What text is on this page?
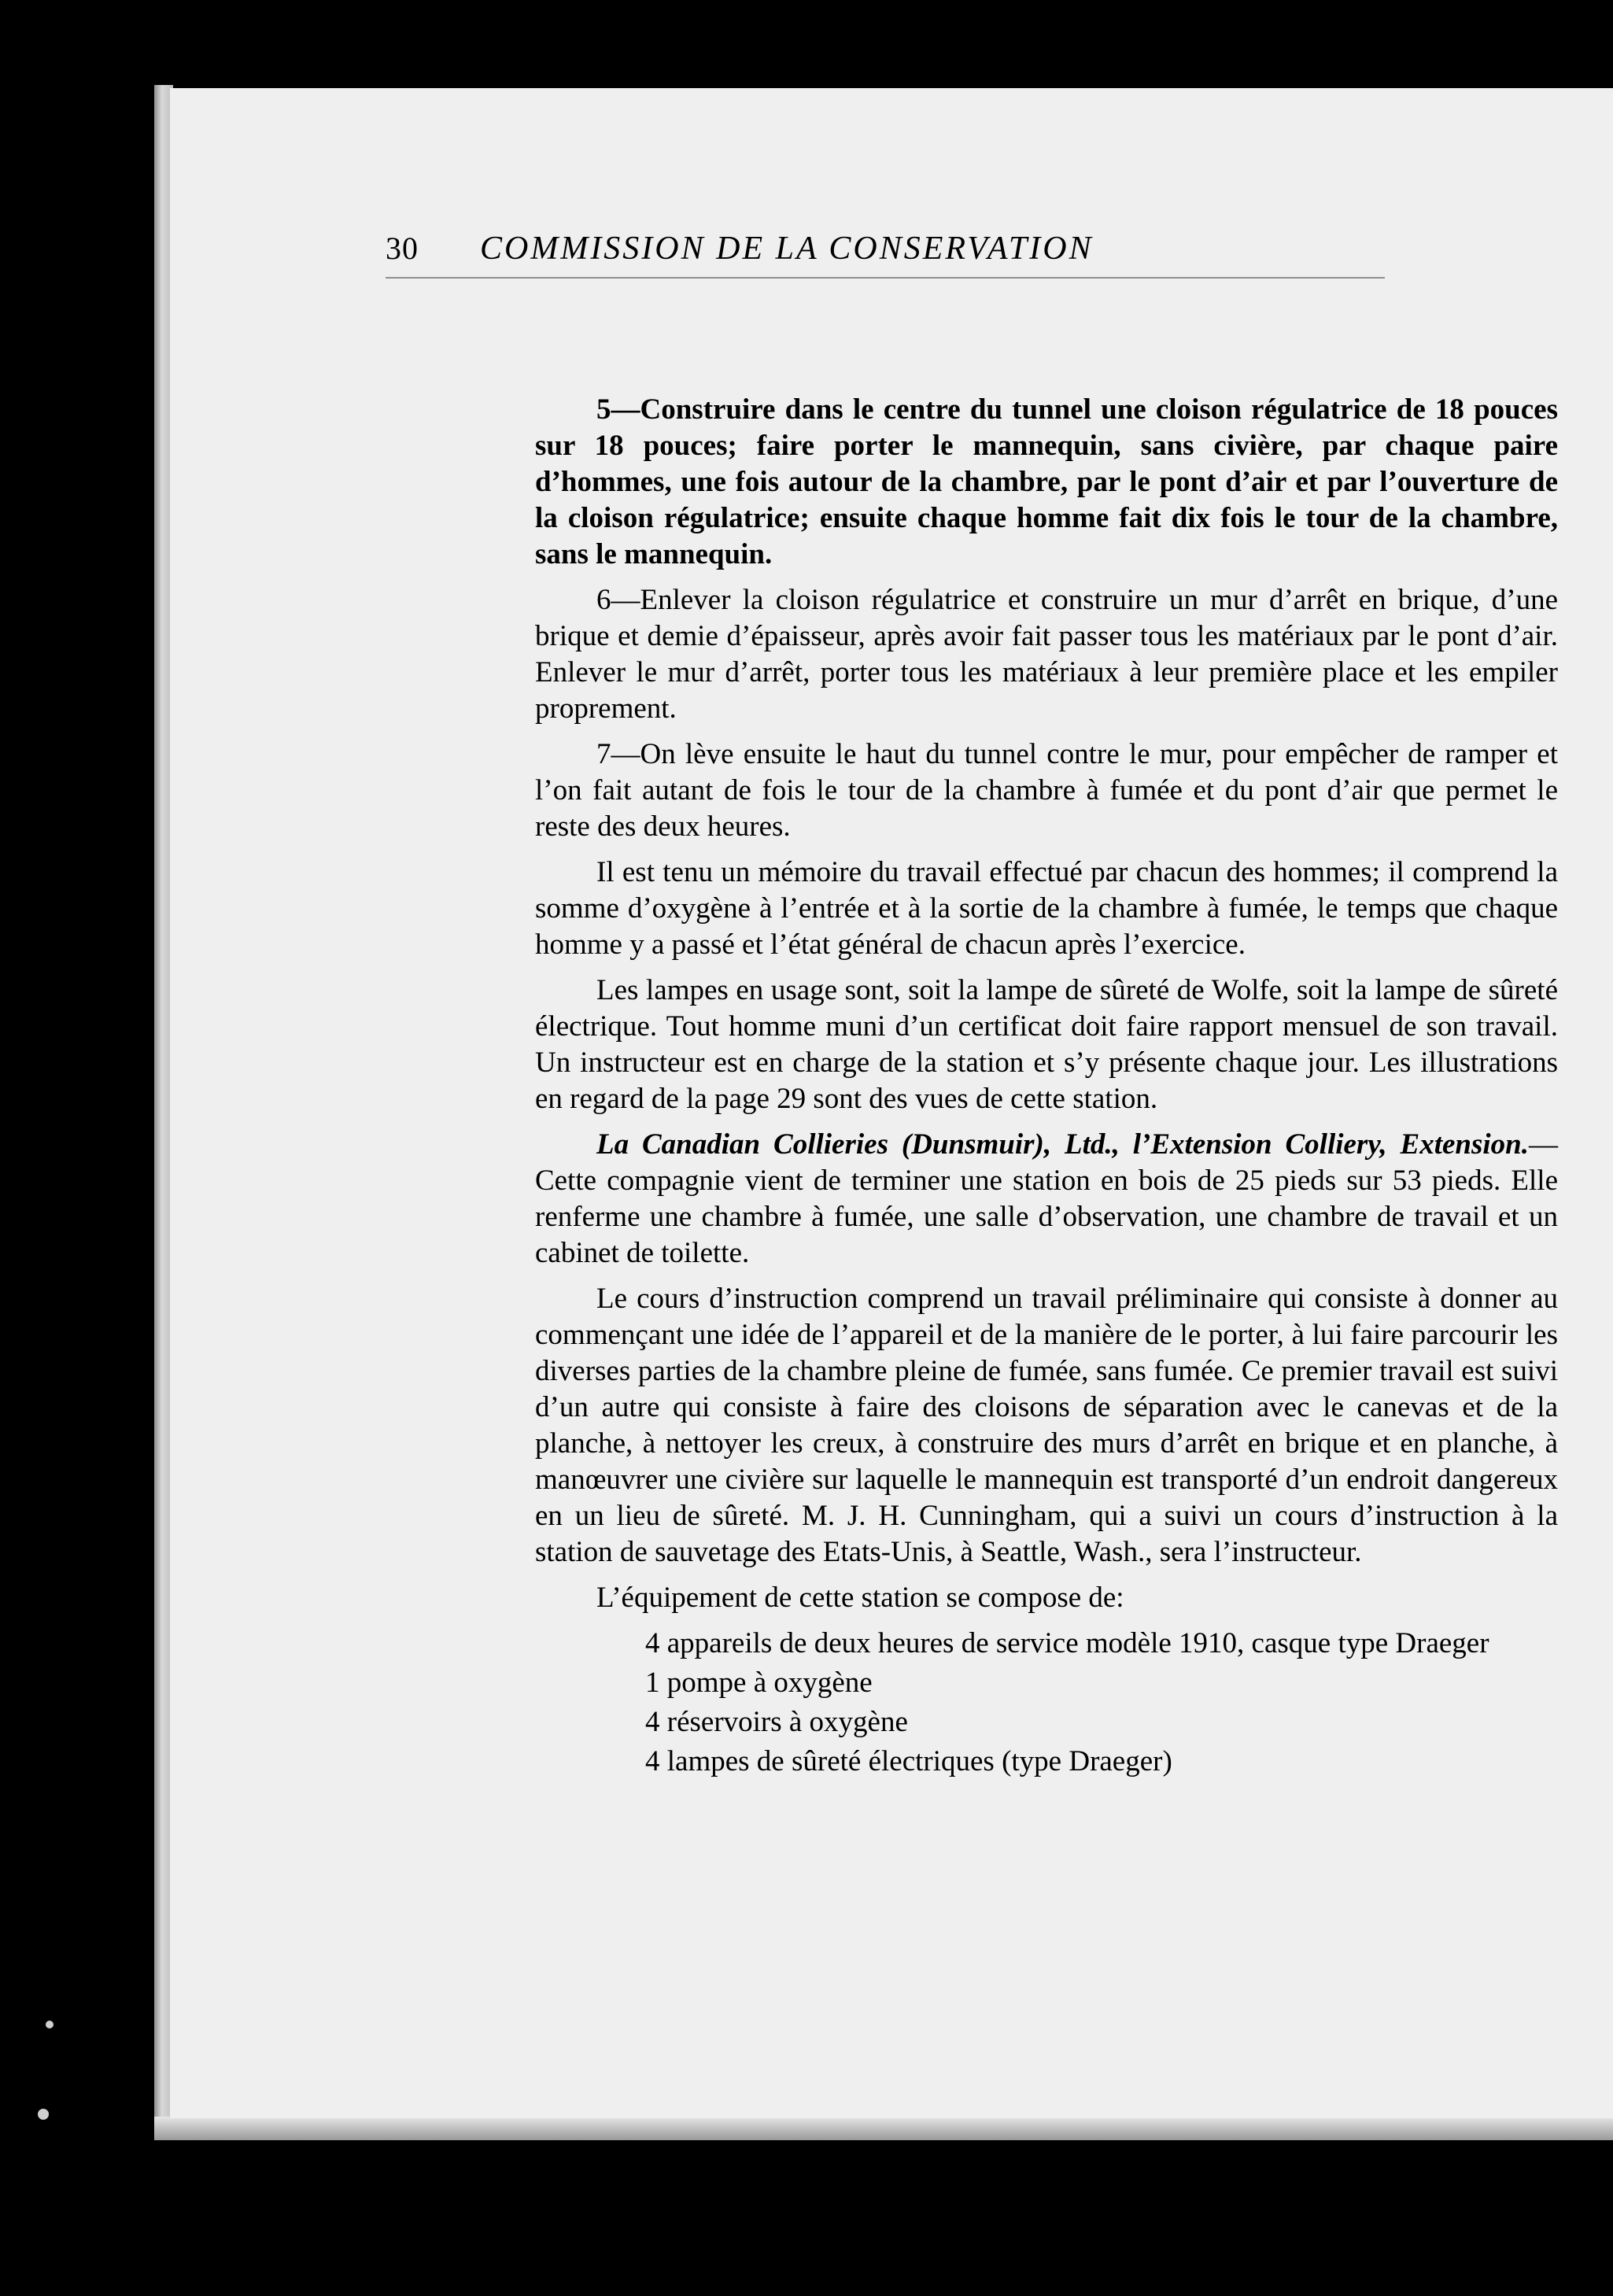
30 COMMISSION DE LA CONSERVATION

5—Construire dans le centre du tunnel une cloison régulatrice de 18 pouces sur 18 pouces; faire porter le mannequin, sans civière, par chaque paire d’hommes, une fois autour de la chambre, par le pont d’air et par l’ouverture de la cloison régulatrice; ensuite chaque homme fait dix fois le tour de la chambre, sans le mannequin.

6—Enlever la cloison régulatrice et construire un mur d’arrêt en brique, d’une brique et demie d’épaisseur, après avoir fait passer tous les matériaux par le pont d’air. Enlever le mur d’arrêt, porter tous les matériaux à leur première place et les empiler proprement.

7—On lève ensuite le haut du tunnel contre le mur, pour empêcher de ramper et l’on fait autant de fois le tour de la chambre à fumée et du pont d’air que permet le reste des deux heures.

Il est tenu un mémoire du travail effectué par chacun des hommes; il comprend la somme d’oxygène à l’entrée et à la sortie de la chambre à fumée, le temps que chaque homme y a passé et l’état général de chacun après l’exercice.

Les lampes en usage sont, soit la lampe de sûreté de Wolfe, soit la lampe de sûreté électrique. Tout homme muni d’un certificat doit faire rapport mensuel de son travail. Un instructeur est en charge de la station et s’y présente chaque jour. Les illustrations en regard de la page 29 sont des vues de cette station.

La Canadian Collieries (Dunsmuir), Ltd., l’Extension Colliery, Extension.— Cette compagnie vient de terminer une station en bois de 25 pieds sur 53 pieds. Elle renferme une chambre à fumée, une salle d’observation, une chambre de travail et un cabinet de toilette.

Le cours d’instruction comprend un travail préliminaire qui consiste à donner au commençant une idée de l’appareil et de la manière de le porter, à lui faire parcourir les diverses parties de la chambre pleine de fumée, sans fumée. Ce premier travail est suivi d’un autre qui consiste à faire des cloisons de séparation avec le canevas et de la planche, à nettoyer les creux, à construire des murs d’arrêt en brique et en planche, à manœuvrer une civière sur laquelle le mannequin est transporté d’un endroit dangereux en un lieu de sûreté. M. J. H. Cunningham, qui a suivi un cours d’instruction à la station de sauvetage des Etats-Unis, à Seattle, Wash., sera l’instructeur.

L’équipement de cette station se compose de:

4 appareils de deux heures de service modèle 1910, casque type Draeger
1 pompe à oxygène
4 réservoirs à oxygène
4 lampes de sûreté électriques (type Draeger)
